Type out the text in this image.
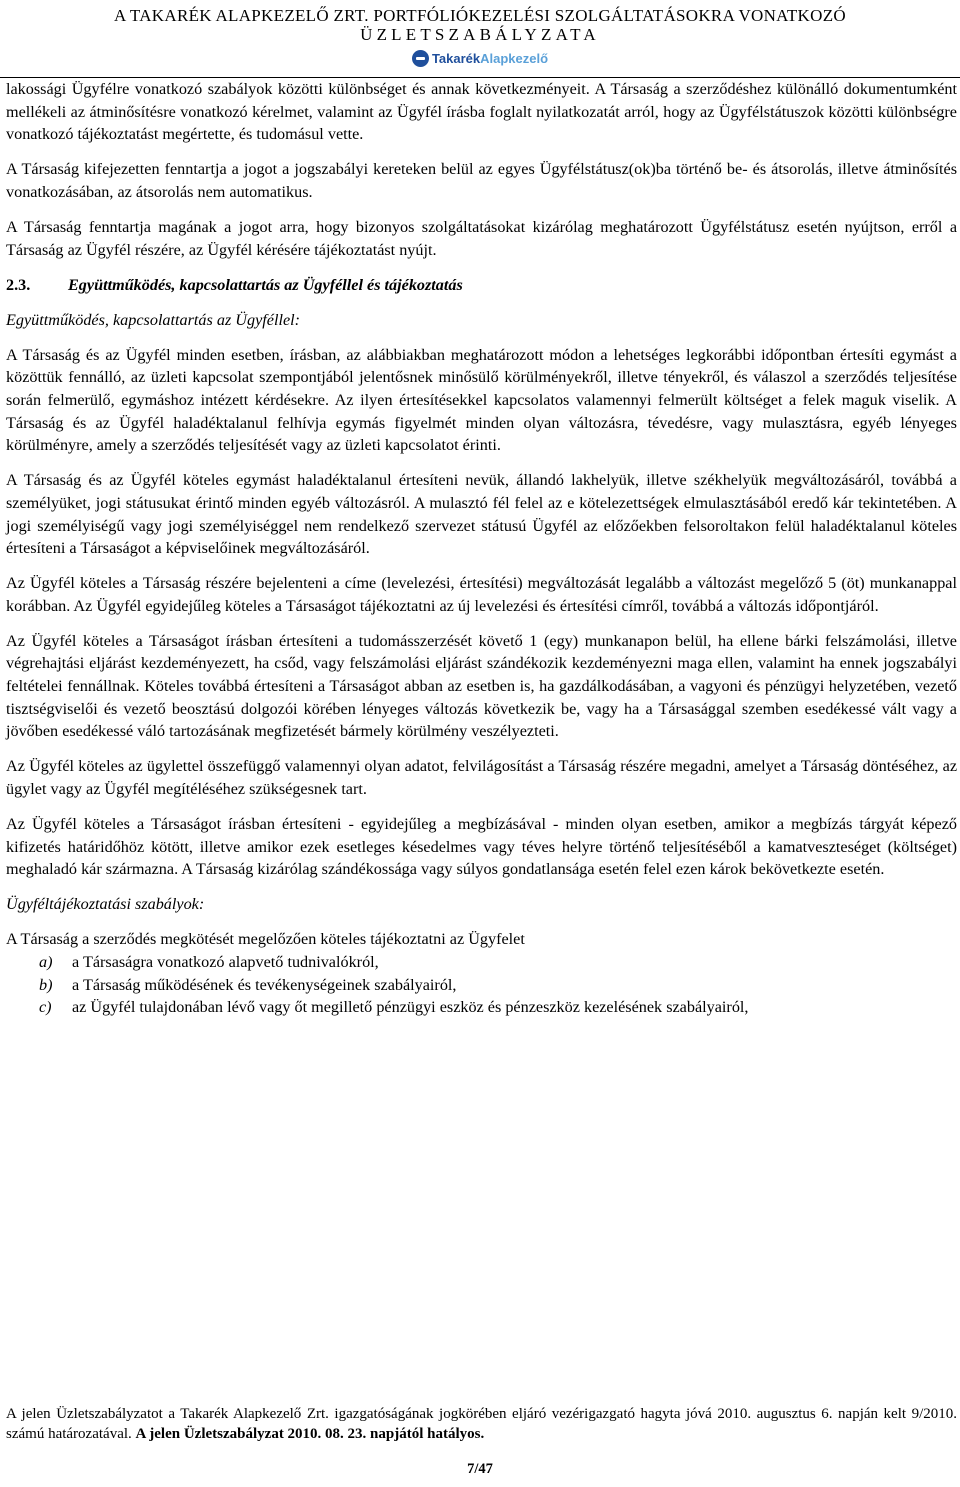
A TAKARÉK ALAPKEZELŐ ZRT. PORTFÓLIÓKEZELÉSI SZOLGÁLTATÁSOKRA VONATKOZÓ
ÜZLETSZABÁLYZATA
Takarék Alapkezelő

lakossági Ügyfélre vonatkozó szabályok közötti különbséget és annak következményeit. A Társaság a szerződéshez különálló dokumentumként mellékeli az átminősítésre vonatkozó kérelmet, valamint az Ügyfél írásba foglalt nyilatkozatát arról, hogy az Ügyfélstátuszok közötti különbségre vonatkozó tájékoztatást megértette, és tudomásul vette.

A Társaság kifejezetten fenntartja a jogot a jogszabályi kereteken belül az egyes Ügyfélstátusz(ok)ba történő be- és átsorolás, illetve átminősítés vonatkozásában, az átsorolás nem automatikus.

A Társaság fenntartja magának a jogot arra, hogy bizonyos szolgáltatásokat kizárólag meghatározott Ügyfélstátusz esetén nyújtson, erről a Társaság az Ügyfél részére, az Ügyfél kérésére tájékoztatást nyújt.

2.3. Együttműködés, kapcsolattartás az Ügyféllel és tájékoztatás
Együttműködés, kapcsolattartás az Ügyféllel:

A Társaság és az Ügyfél minden esetben, írásban, az alábbiakban meghatározott módon a lehetséges legkorábbi időpontban értesíti egymást a közöttük fennálló, az üzleti kapcsolat szempontjából jelentősnek minősülő körülményekről, illetve tényekről, és válaszol a szerződés teljesítése során felmerülő, egymáshoz intézett kérdésekre. Az ilyen értesítésekkel kapcsolatos valamennyi felmerült költséget a felek maguk viselik. A Társaság és az Ügyfél haladéktalanul felhívja egymás figyelmét minden olyan változásra, tévedésre, vagy mulasztásra, egyéb lényeges körülményre, amely a szerződés teljesítését vagy az üzleti kapcsolatot érinti.

A Társaság és az Ügyfél köteles egymást haladéktalanul értesíteni nevük, állandó lakhelyük, illetve székhelyük megváltozásáról, továbbá a személyüket, jogi státusukat érintő minden egyéb változásról. A mulasztó fél felel az e kötelezettségek elmulasztásából eredő kár tekintetében. A jogi személyiségű vagy jogi személyiséggel nem rendelkező szervezet státusú Ügyfél az előzőekben felsoroltakon felül haladéktalanul köteles értesíteni a Társaságot a képviselőinek megváltozásáról.

Az Ügyfél köteles a Társaság részére bejelenteni a címe (levelezési, értesítési) megváltozását legalább a változást megelőző 5 (öt) munkanappal korábban. Az Ügyfél egyidejűleg köteles a Társaságot tájékoztatni az új levelezési és értesítési címről, továbbá a változás időpontjáról.

Az Ügyfél köteles a Társaságot írásban értesíteni a tudomásszerzését követő 1 (egy) munkanapon belül, ha ellene bárki felszámolási, illetve végrehajtási eljárást kezdeményezett, ha csőd, vagy felszámolási eljárást szándékozik kezdeményezni maga ellen, valamint ha ennek jogszabályi feltételei fennállnak. Köteles továbbá értesíteni a Társaságot abban az esetben is, ha gazdálkodásában, a vagyoni és pénzügyi helyzetében, vezető tisztségviselői és vezető beosztású dolgozói körében lényeges változás következik be, vagy ha a Társasággal szemben esedékessé vált vagy a jövőben esedékessé váló tartozásának megfizetését bármely körülmény veszélyezteti.

Az Ügyfél köteles az ügylettel összefüggő valamennyi olyan adatot, felvilágosítást a Társaság részére megadni, amelyet a Társaság döntéséhez, az ügylet vagy az Ügyfél megítéléséhez szükségesnek tart.

Az Ügyfél köteles a Társaságot írásban értesíteni - egyidejűleg a megbízásával - minden olyan esetben, amikor a megbízás tárgyát képező kifizetés határidőhöz kötött, illetve amikor ezek esetleges késedelmes vagy téves helyre történő teljesítéséből a kamatveszteséget (költséget) meghaladó kár származna. A Társaság kizárólag szándékossága vagy súlyos gondatlansága esetén felel ezen károk bekövetkezte esetén.

Ügyféltájékoztatási szabályok:
A Társaság a szerződés megkötését megelőzően köteles tájékoztatni az Ügyfelet
a)	a Társaságra vonatkozó alapvető tudnivalókról,
b)	a Társaság működésének és tevékenységeinek szabályairól,
c)	az Ügyfél tulajdonában lévő vagy őt megillető pénzügyi eszköz és pénzeszköz kezelésének szabályairól,
A jelen Üzletszabályzatot a Takarék Alapkezelő Zrt. igazgatóságának jogkörében eljáró vezérigazgató hagyta jóvá 2010. augusztus 6. napján kelt 9/2010. számú határozatával. A jelen Üzletszabályzat 2010. 08. 23. napjától hatályos.
7/47
